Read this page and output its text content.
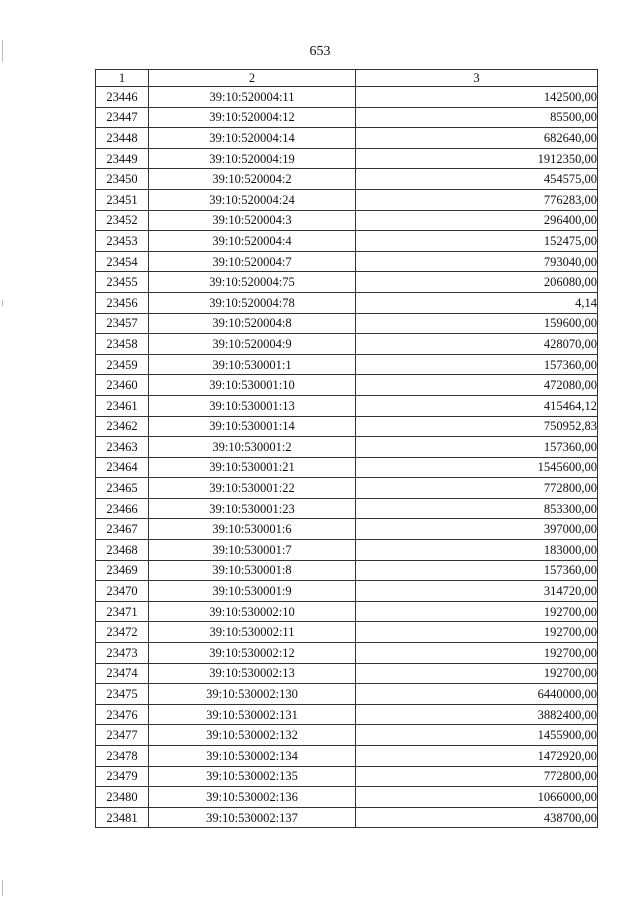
653
1	2	3
23446	39:10:520004:11	142500,00
23447	39:10:520004:12	85500,00
23448	39:10:520004:14	682640,00
23449	39:10:520004:19	1912350,00
23450	39:10:520004:2	454575,00
23451	39:10:520004:24	776283,00
23452	39:10:520004:3	296400,00
23453	39:10:520004:4	152475,00
23454	39:10:520004:7	793040,00
23455	39:10:520004:75	206080,00
23456	39:10:520004:78	4,14
23457	39:10:520004:8	159600,00
23458	39:10:520004:9	428070,00
23459	39:10:530001:1	157360,00
23460	39:10:530001:10	472080,00
23461	39:10:530001:13	415464,12
23462	39:10:530001:14	750952,83
23463	39:10:530001:2	157360,00
23464	39:10:530001:21	1545600,00
23465	39:10:530001:22	772800,00
23466	39:10:530001:23	853300,00
23467	39:10:530001:6	397000,00
23468	39:10:530001:7	183000,00
23469	39:10:530001:8	157360,00
23470	39:10:530001:9	314720,00
23471	39:10:530002:10	192700,00
23472	39:10:530002:11	192700,00
23473	39:10:530002:12	192700,00
23474	39:10:530002:13	192700,00
23475	39:10:530002:130	6440000,00
23476	39:10:530002:131	3882400,00
23477	39:10:530002:132	1455900,00
23478	39:10:530002:134	1472920,00
23479	39:10:530002:135	772800,00
23480	39:10:530002:136	1066000,00
23481	39:10:530002:137	438700,00
